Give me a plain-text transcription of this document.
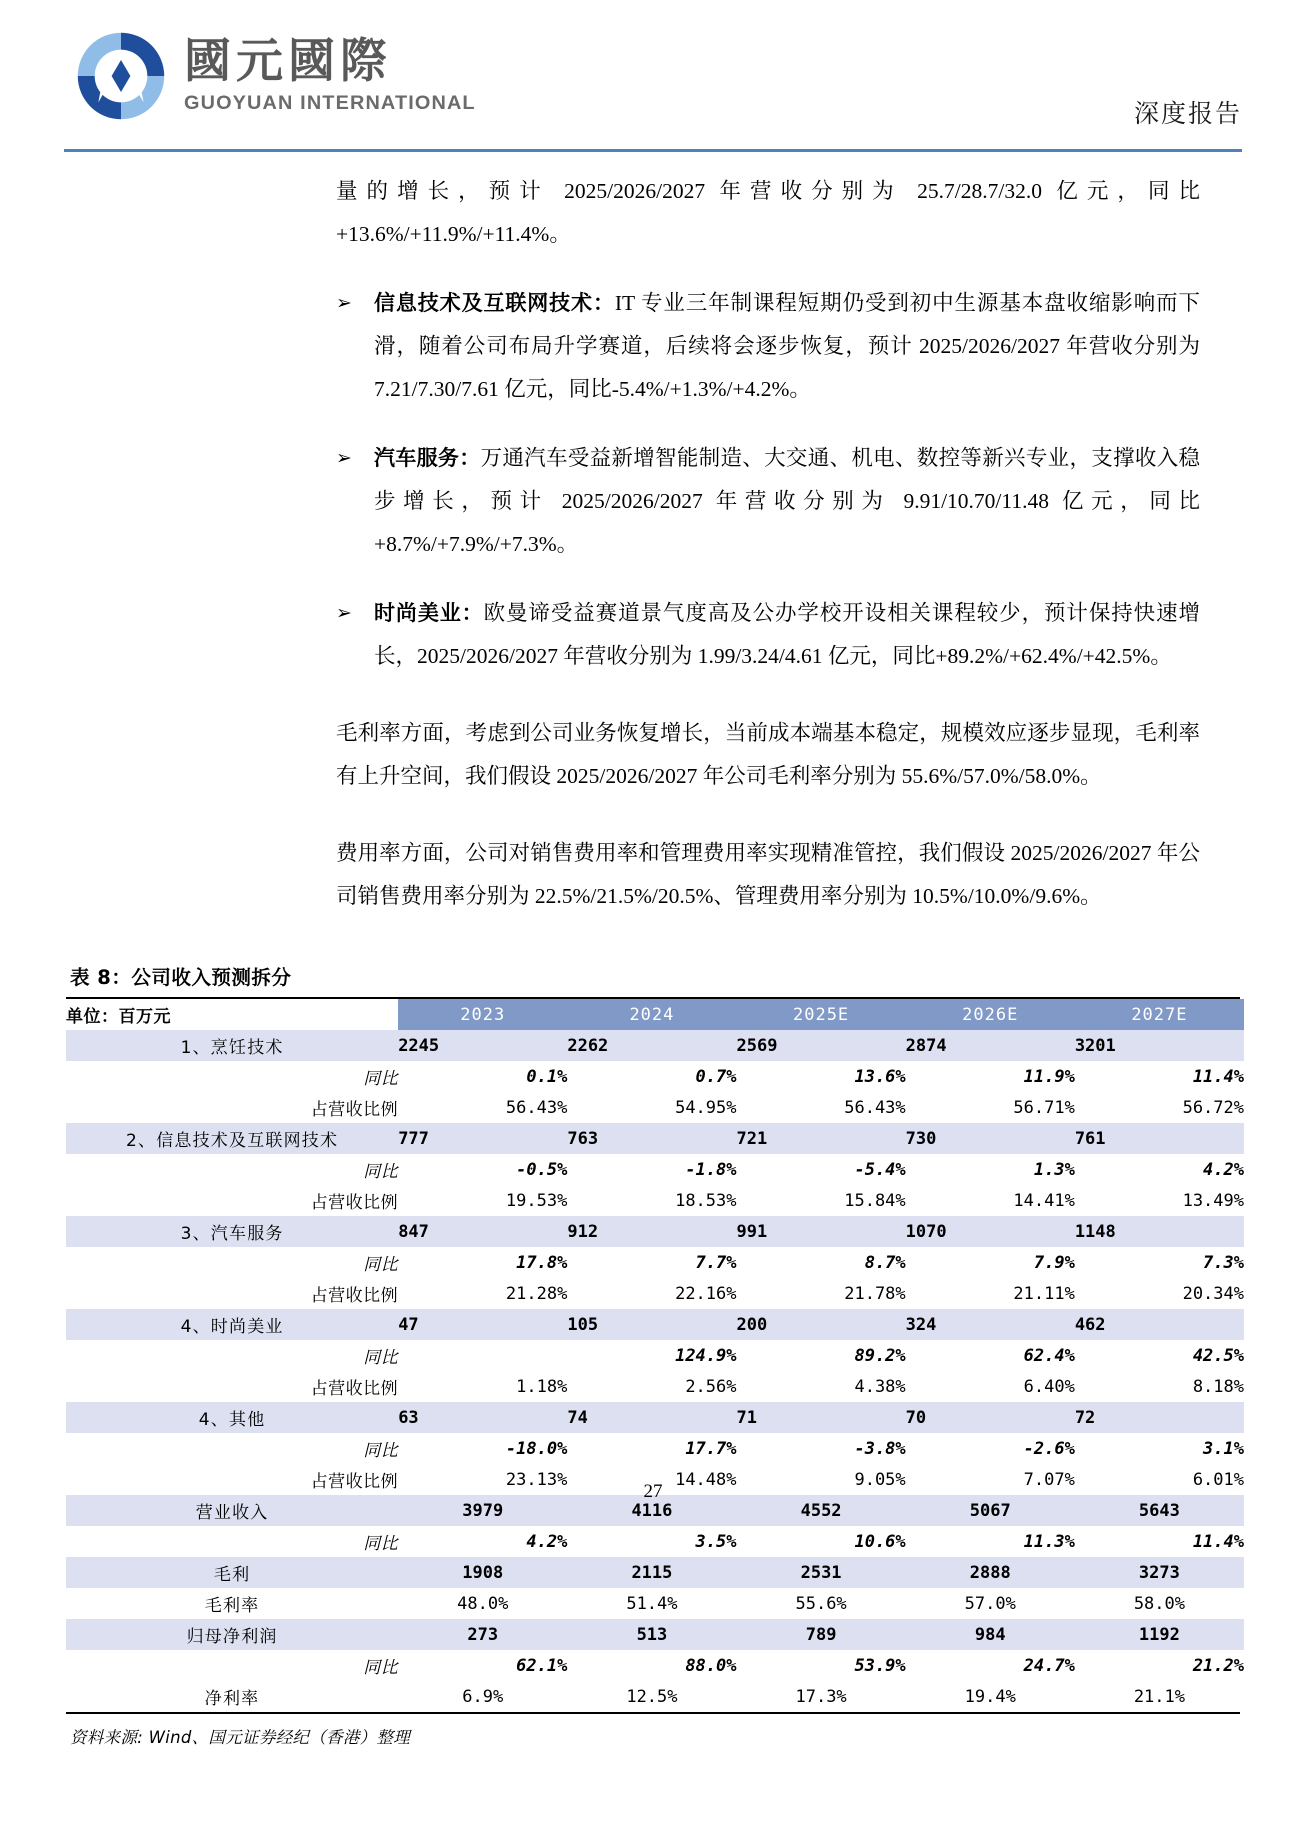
國元國際
GUOYUAN INTERNATIONAL	深度报告

量的增长，预计 2025/2026/2027 年营收分别为 25.7/28.7/32.0 亿元，同比+13.6%/+11.9%/+11.4%。

➢ 信息技术及互联网技术：IT 专业三年制课程短期仍受到初中生源基本盘收缩影响而下滑，随着公司布局升学赛道，后续将会逐步恢复，预计 2025/2026/2027 年营收分别为 7.21/7.30/7.61 亿元，同比-5.4%/+1.3%/+4.2%。
➢ 汽车服务：万通汽车受益新增智能制造、大交通、机电、数控等新兴专业，支撑收入稳步增长，预计 2025/2026/2027 年营收分别为 9.91/10.70/11.48 亿元，同比+8.7%/+7.9%/+7.3%。
➢ 时尚美业：欧曼谛受益赛道景气度高及公办学校开设相关课程较少，预计保持快速增长，2025/2026/2027 年营收分别为 1.99/3.24/4.61 亿元，同比+89.2%/+62.4%/+42.5%。

毛利率方面，考虑到公司业务恢复增长，当前成本端基本稳定，规模效应逐步显现，毛利率有上升空间，我们假设 2025/2026/2027 年公司毛利率分别为 55.6%/57.0%/58.0%。

费用率方面，公司对销售费用率和管理费用率实现精准管控，我们假设 2025/2026/2027 年公司销售费用率分别为 22.5%/21.5%/20.5%、管理费用率分别为 10.5%/10.0%/9.6%。

表 8：公司收入预测拆分
单位：百万元	2023	2024	2025E	2026E	2027E
1、烹饪技术	2245	2262	2569	2874	3201
同比	0.1%	0.7%	13.6%	11.9%	11.4%
占营收比例	56.43%	54.95%	56.43%	56.71%	56.72%
2、信息技术及互联网技术	777	763	721	730	761
同比	-0.5%	-1.8%	-5.4%	1.3%	4.2%
占营收比例	19.53%	18.53%	15.84%	14.41%	13.49%
3、汽车服务	847	912	991	1070	1148
同比	17.8%	7.7%	8.7%	7.9%	7.3%
占营收比例	21.28%	22.16%	21.78%	21.11%	20.34%
4、时尚美业	47	105	200	324	462
同比		124.9%	89.2%	62.4%	42.5%
占营收比例	1.18%	2.56%	4.38%	6.40%	8.18%
4、其他	63	74	71	70	72
同比	-18.0%	17.7%	-3.8%	-2.6%	3.1%
占营收比例	23.13%	14.48%	9.05%	7.07%	6.01%
营业收入	3979	4116	4552	5067	5643
同比	4.2%	3.5%	10.6%	11.3%	11.4%
毛利	1908	2115	2531	2888	3273
毛利率	48.0%	51.4%	55.6%	57.0%	58.0%
归母净利润	273	513	789	984	1192
同比	62.1%	88.0%	53.9%	24.7%	21.2%
净利率	6.9%	12.5%	17.3%	19.4%	21.1%
资料来源: Wind、国元证券经纪（香港）整理
27
